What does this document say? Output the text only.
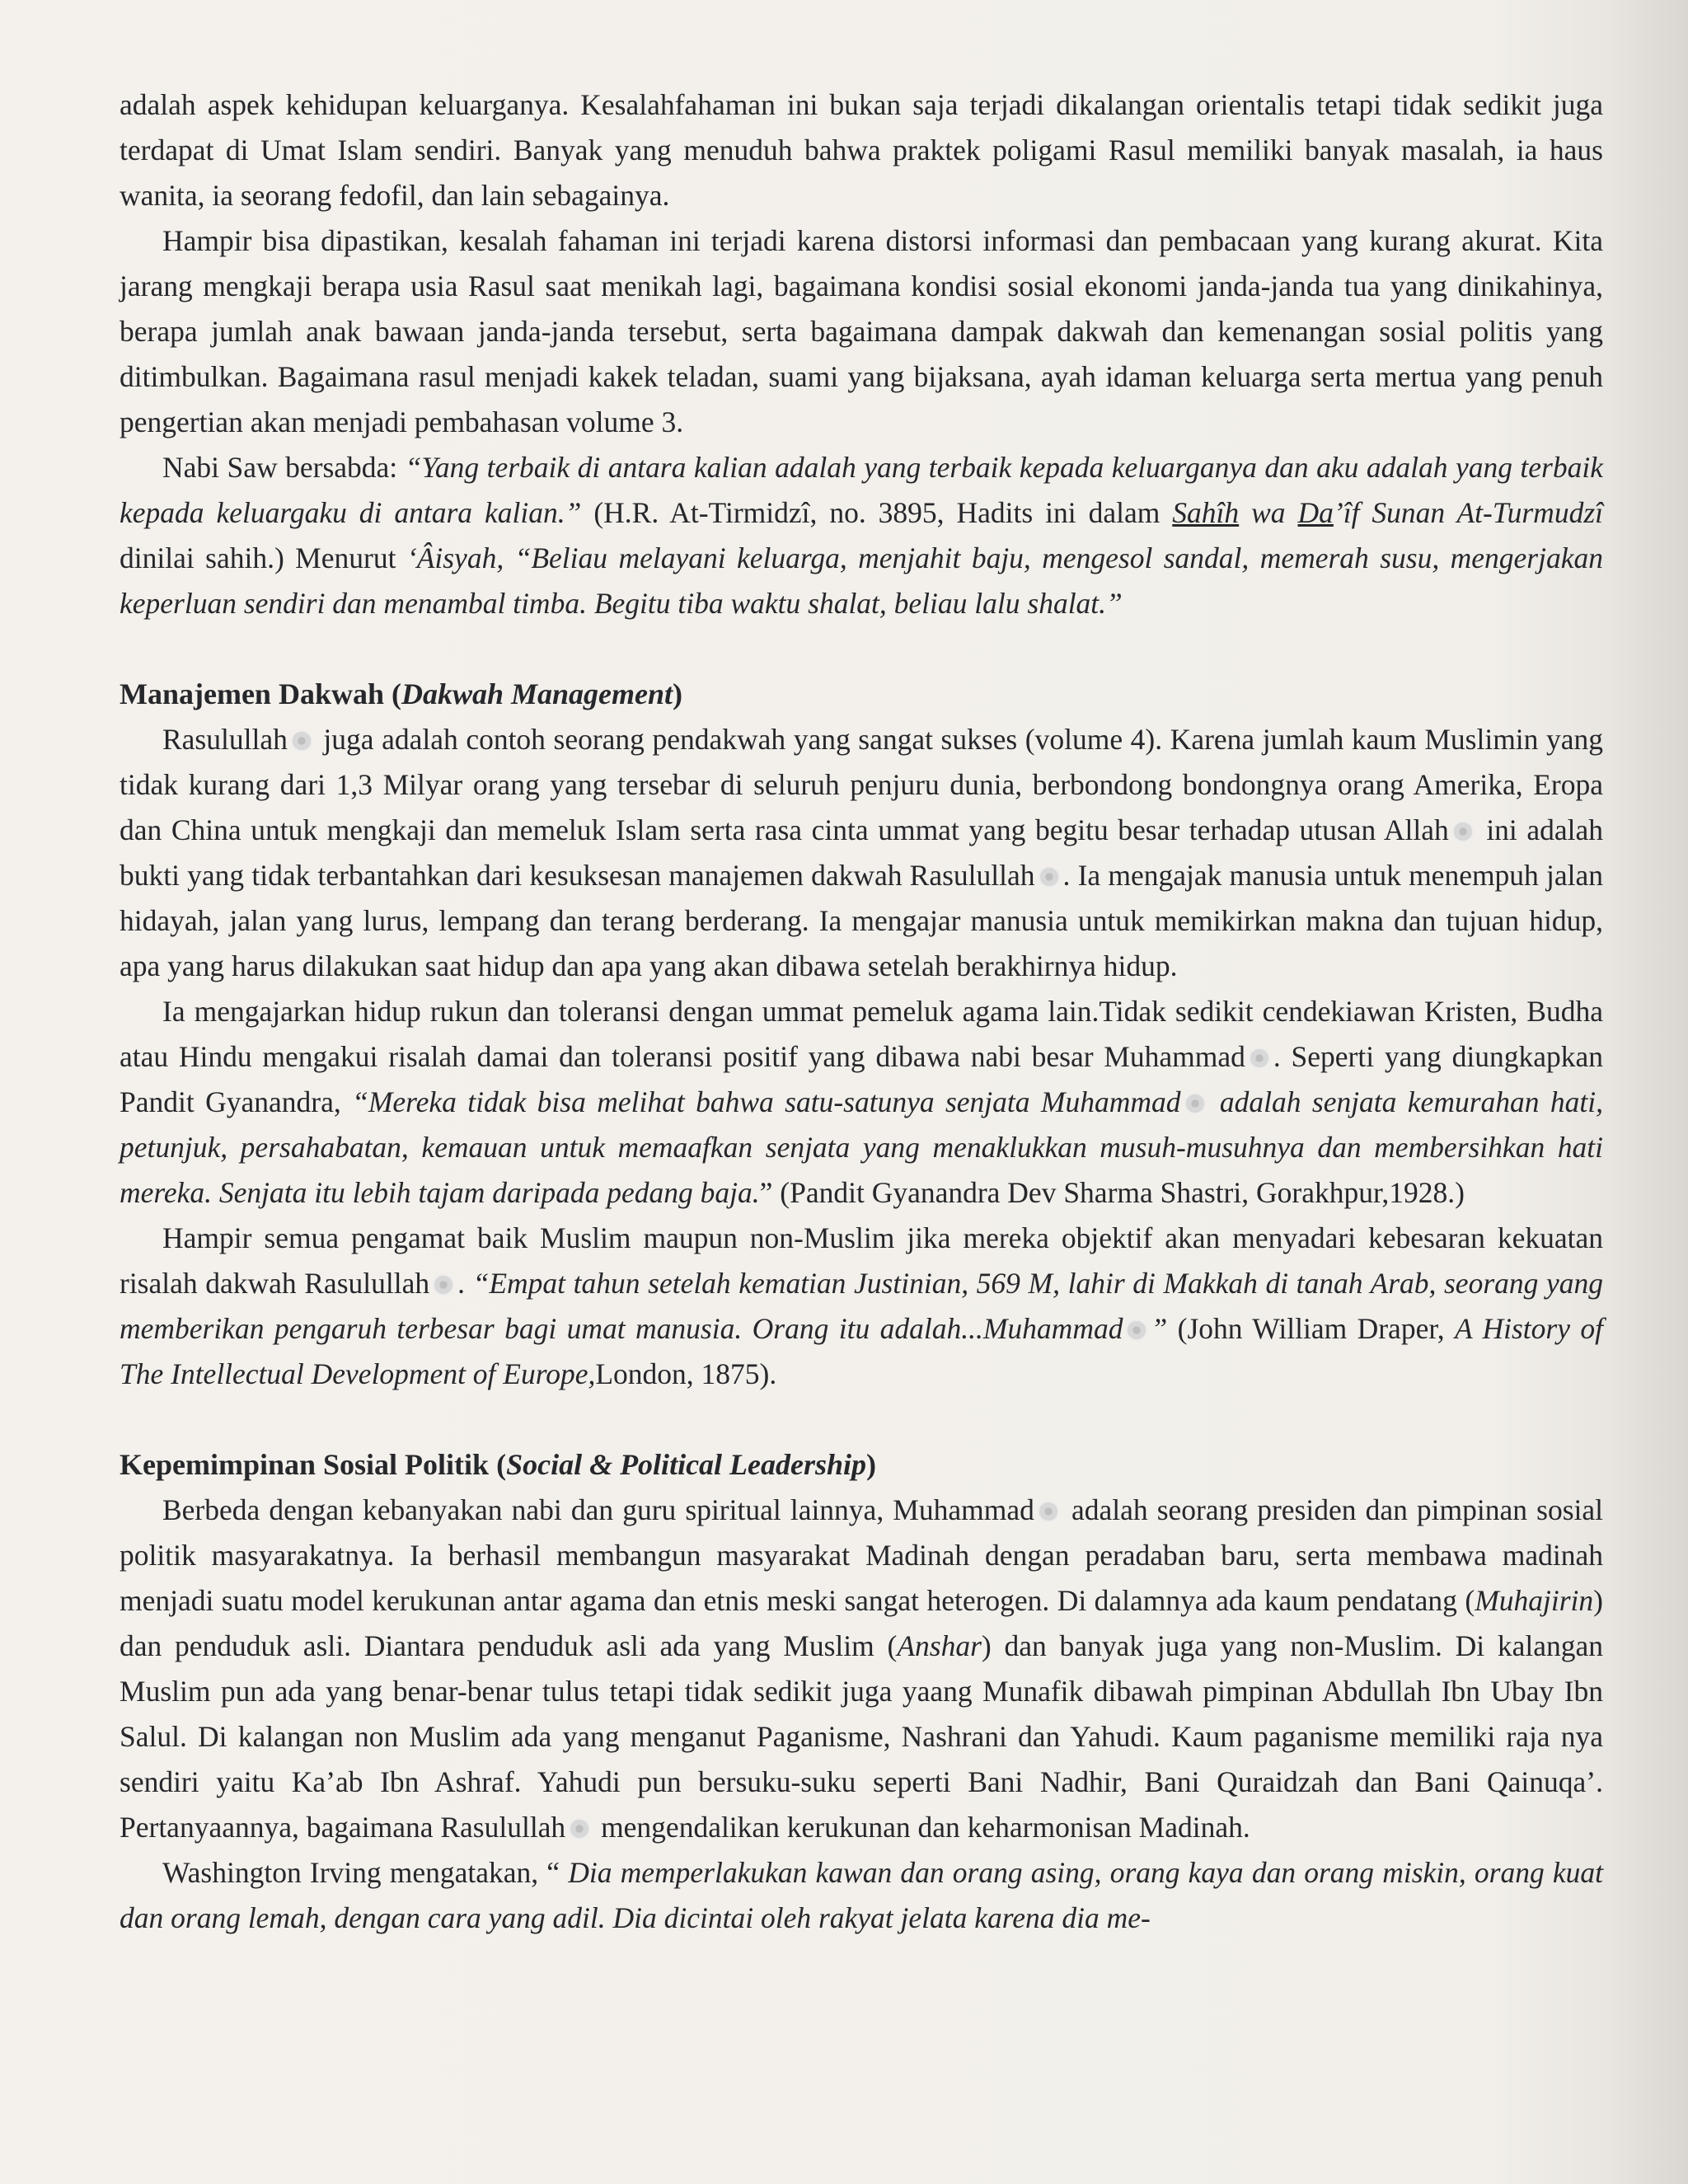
adalah aspek kehidupan keluarganya. Kesalahfahaman ini bukan saja terjadi dikalangan orientalis tetapi tidak sedikit juga terdapat di Umat Islam sendiri. Banyak yang menuduh bahwa praktek poligami Rasul memiliki banyak masalah, ia haus wanita, ia seorang fedofil, dan lain sebagainya.

Hampir bisa dipastikan, kesalah fahaman ini terjadi karena distorsi informasi dan pembacaan yang kurang akurat. Kita jarang mengkaji berapa usia Rasul saat menikah lagi, bagaimana kondisi sosial ekonomi janda-janda tua yang dinikahinya, berapa jumlah anak bawaan janda-janda tersebut, serta bagaimana dampak dakwah dan kemenangan sosial politis yang ditimbulkan. Bagaimana rasul menjadi kakek teladan, suami yang bijaksana, ayah idaman keluarga serta mertua yang penuh pengertian akan menjadi pembahasan volume 3.

Nabi Saw bersabda: “Yang terbaik di antara kalian adalah yang terbaik kepada keluarganya dan aku adalah yang terbaik kepada keluargaku di antara kalian.” (H.R. At-Tirmidzî, no. 3895, Hadits ini dalam Sahîh wa Da’îf Sunan At-Turmudzî dinilai sahih.) Menurut ‘Âisyah, “Beliau melayani keluarga, menjahit baju, mengesol sandal, memerah susu, mengerjakan keperluan sendiri dan menambal timba. Begitu tiba waktu shalat, beliau lalu shalat.”

Manajemen Dakwah (Dakwah Management)

Rasulullah juga adalah contoh seorang pendakwah yang sangat sukses (volume 4). Karena jumlah kaum Muslimin yang tidak kurang dari 1,3 Milyar orang yang tersebar di seluruh penjuru dunia, berbondong bondongnya orang Amerika, Eropa dan China untuk mengkaji dan memeluk Islam serta rasa cinta ummat yang begitu besar terhadap utusan Allah ini adalah bukti yang tidak terbantahkan dari kesuksesan manajemen dakwah Rasulullah . Ia mengajak manusia untuk menempuh jalan hidayah, jalan yang lurus, lempang dan terang berderang. Ia mengajar manusia untuk memikirkan makna dan tujuan hidup, apa yang harus dilakukan saat hidup dan apa yang akan dibawa setelah berakhirnya hidup.

Ia mengajarkan hidup rukun dan toleransi dengan ummat pemeluk agama lain.Tidak sedikit cendekiawan Kristen, Budha atau Hindu mengakui risalah damai dan toleransi positif yang dibawa nabi besar Muhammad . Seperti yang diungkapkan Pandit Gyanandra, “Mereka tidak bisa melihat bahwa satu-satunya senjata Muhammad adalah senjata kemurahan hati, petunjuk, persahabatan, kemauan untuk memaafkan senjata yang menaklukkan musuh-musuhnya dan membersihkan hati mereka. Senjata itu lebih tajam daripada pedang baja.” (Pandit Gyanandra Dev Sharma Shastri, Gorakhpur,1928.)

Hampir semua pengamat baik Muslim maupun non-Muslim jika mereka objektif akan menyadari kebesaran kekuatan risalah dakwah Rasulullah . “Empat tahun setelah kematian Justinian, 569 M, lahir di Makkah di tanah Arab, seorang yang memberikan pengaruh terbesar bagi umat manusia. Orang itu adalah...Muhammad ” (John William Draper, A History of The Intellectual Development of Europe,London, 1875).

Kepemimpinan Sosial Politik (Social & Political Leadership)

Berbeda dengan kebanyakan nabi dan guru spiritual lainnya, Muhammad adalah seorang presiden dan pimpinan sosial politik masyarakatnya. Ia berhasil membangun masyarakat Madinah dengan peradaban baru, serta membawa madinah menjadi suatu model kerukunan antar agama dan etnis meski sangat heterogen. Di dalamnya ada kaum pendatang (Muhajirin) dan penduduk asli. Diantara penduduk asli ada yang Muslim (Anshar) dan banyak juga yang non-Muslim. Di kalangan Muslim pun ada yang benar-benar tulus tetapi tidak sedikit juga yaang Munafik dibawah pimpinan Abdullah Ibn Ubay Ibn Salul. Di kalangan non Muslim ada yang menganut Paganisme, Nashrani dan Yahudi. Kaum paganisme memiliki raja nya sendiri yaitu Ka’ab Ibn Ashraf. Yahudi pun bersuku-suku seperti Bani Nadhir, Bani Quraidzah dan Bani Qainuqa’. Pertanyaannya, bagaimana Rasulullah mengendalikan kerukunan dan keharmonisan Madinah.

Washington Irving mengatakan, “ Dia memperlakukan kawan dan orang asing, orang kaya dan orang miskin, orang kuat dan orang lemah, dengan cara yang adil. Dia dicintai oleh rakyat jelata karena dia me-
